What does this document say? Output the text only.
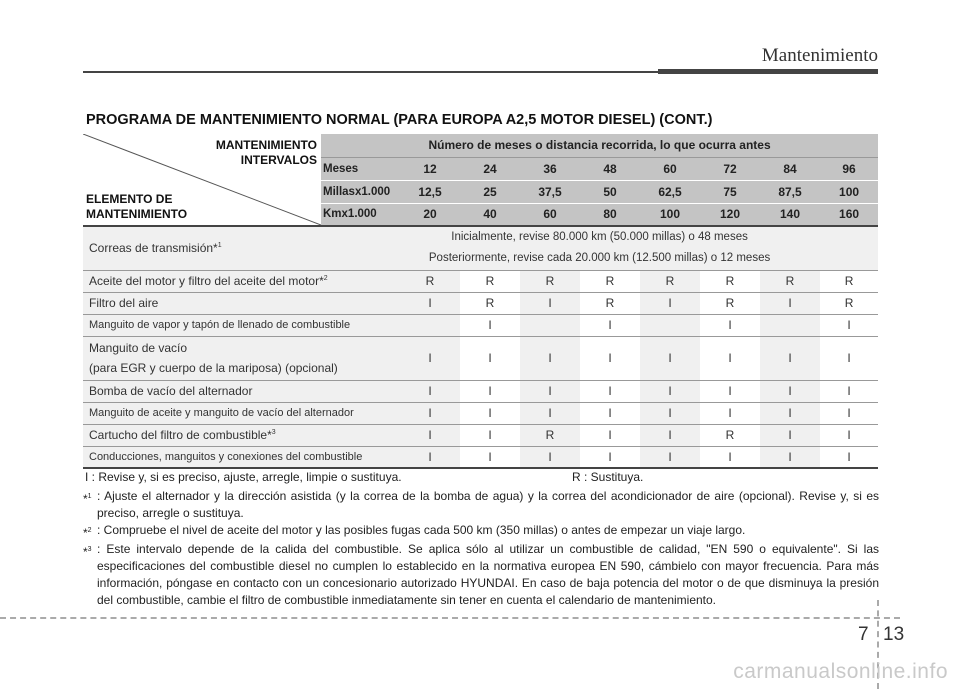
Mantenimiento
PROGRAMA DE MANTENIMIENTO NORMAL (PARA EUROPA A2,5 MOTOR DIESEL) (CONT.)
MANTENIMIENTO
INTERVALOS
ELEMENTO DE
MANTENIMIENTO	Número de meses o distancia recorrida, lo que ocurra antes								
	Meses	12	24	36	48	60	72	84	96
	Millasx1.000	12,5	25	37,5	50	62,5	75	87,5	100
	Kmx1.000	20	40	60	80	100	120	140	160
Correas de transmisión*$^1$	Inicialmente, revise 80.000 km (50.000 millas) o 48 meses
Posteriormente, revise cada 20.000 km (12.500 millas) o 12 meses								

Aceite del motor y filtro del aceite del motor*$^2$		R	R	R	R	R	R	R	R
Filtro del aire		I	R	I	R	I	R	I	R
Manguito de vapor y tapón de llenado de combustible			I		I		I		I

Manguito de vacío
(para EGR y cuerpo de la mariposa) (opcional)		I	I	I	I	I	I	I	I
Bomba de vacío del alternador		I	I	I	I	I	I	I	I
Manguito de aceite y manguito de vacío del alternador		I	I	I	I	I	I	I	I
Cartucho del filtro de combustible*$^3$		I	I	R	I	I	R	I	I
Conducciones, manguitos y conexiones del combustible		I	I	I	I	I	I	I	I
I : Revise y, si es preciso, ajuste, arregle, limpie o sustituya.	R : Sustituya.
*$^1$ : Ajuste el alternador y la dirección asistida (y la correa de la bomba de agua) y la correa del acondicionador de aire (opcional). Revise y, si es preciso, arregle o sustituya.
*$^2$ : Compruebe el nivel de aceite del motor y las posibles fugas cada 500 km (350 millas) o antes de empezar un viaje largo.
*$^3$ : Este intervalo depende de la calida del combustible. Se aplica sólo al utilizar un combustible de calidad, "EN 590 o equivalente". Si las especificaciones del combustible diesel no cumplen lo establecido en la normativa europea EN 590, cámbielo con mayor frecuencia. Para más información, póngase en contacto con un concesionario autorizado HYUNDAI. En caso de baja potencia del motor o de que disminuya la presión del combustible, cambie el filtro de combustible inmediatamente sin tener en cuenta el calendario de mantenimiento.
7 13
carmanualsonline.info
